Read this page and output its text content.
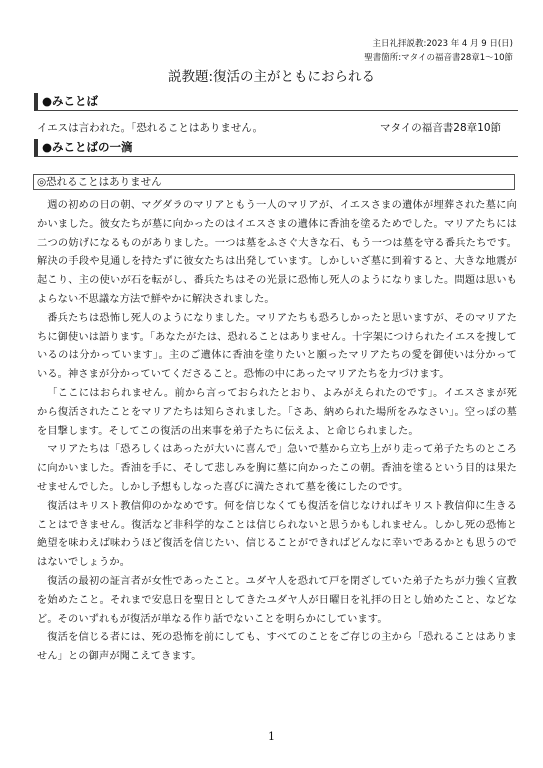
主日礼拝説教:2023 年 4 月 9 日(日)
聖書箇所:マタイの福音書28章1〜10節
説教題:復活の主がともにおられる
●みことば
イエスは言われた。「恐れることはありません。	マタイの福音書28章10節
●みことばの一滴
◎恐れることはありません

週の初めの日の朝、マグダラのマリアともう一人のマリアが、イエスさまの遺体が埋葬された墓に向かいました。彼女たちが墓に向かったのはイエスさまの遺体に香油を塗るためでした。マリアたちには二つの妨げになるものがありました。一つは墓をふさぐ大きな石、もう一つは墓を守る番兵たちです。解決の手段や見通しを持たずに彼女たちは出発しています。しかしいざ墓に到着すると、大きな地震が起こり、主の使いが石を転がし、番兵たちはその光景に恐怖し死人のようになりました。問題は思いもよらない不思議な方法で鮮やかに解決されました。

番兵たちは恐怖し死人のようになりました。マリアたちも恐ろしかったと思いますが、そのマリアたちに御使いは語ります。「あなたがたは、恐れることはありません。十字架につけられたイエスを捜しているのは分かっています」。主のご遺体に香油を塗りたいと願ったマリアたちの愛を御使いは分かっている。神さまが分かっていてくださること。恐怖の中にあったマリアたちを力づけます。

「ここにはおられません。前から言っておられたとおり、よみがえられたのです」。イエスさまが死から復活されたことをマリアたちは知らされました。「さあ、納められた場所をみなさい」。空っぽの墓を目撃します。そしてこの復活の出来事を弟子たちに伝えよ、と命じられました。

マリアたちは「恐ろしくはあったが大いに喜んで」急いで墓から立ち上がり走って弟子たちのところに向かいました。香油を手に、そして悲しみを胸に墓に向かったこの朝。香油を塗るという目的は果たせませんでした。しかし予想もしなった喜びに満たされて墓を後にしたのです。

復活はキリスト教信仰のかなめです。何を信じなくても復活を信じなければキリスト教信仰に生きることはできません。復活など非科学的なことは信じられないと思うかもしれません。しかし死の恐怖と絶望を味わえば味わうほど復活を信じたい、信じることができればどんなに幸いであるかとも思うのではないでしょうか。

復活の最初の証言者が女性であったこと。ユダヤ人を恐れて戸を閉ざしていた弟子たちが力強く宣教を始めたこと。それまで安息日を聖日としてきたユダヤ人が日曜日を礼拝の日とし始めたこと、などなど。そのいずれもが復活が単なる作り話でないことを明らかにしています。

復活を信じる者には、死の恐怖を前にしても、すべてのことをご存じの主から「恐れることはありません」との御声が聞こえてきます。

1
